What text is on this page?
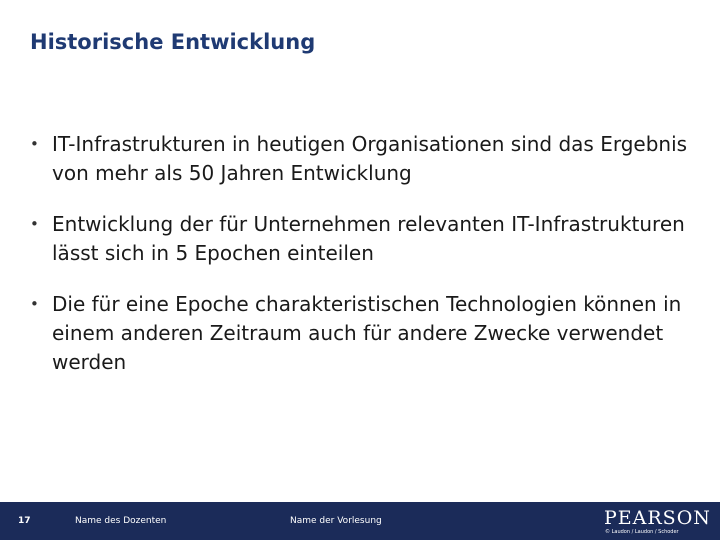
Historische Entwicklung
• IT-Infrastrukturen in heutigen Organisationen sind das Ergebnis von mehr als 50 Jahren Entwicklung
• Entwicklung der für Unternehmen relevanten IT-Infrastrukturen lässt sich in 5 Epochen einteilen
• Die für eine Epoche charakteristischen Technologien können in einem anderen Zeitraum auch für andere Zwecke verwendet werden
17	Name des Dozenten	Name der Vorlesung	PEARSON
© Laudon / Laudon / Schoder
